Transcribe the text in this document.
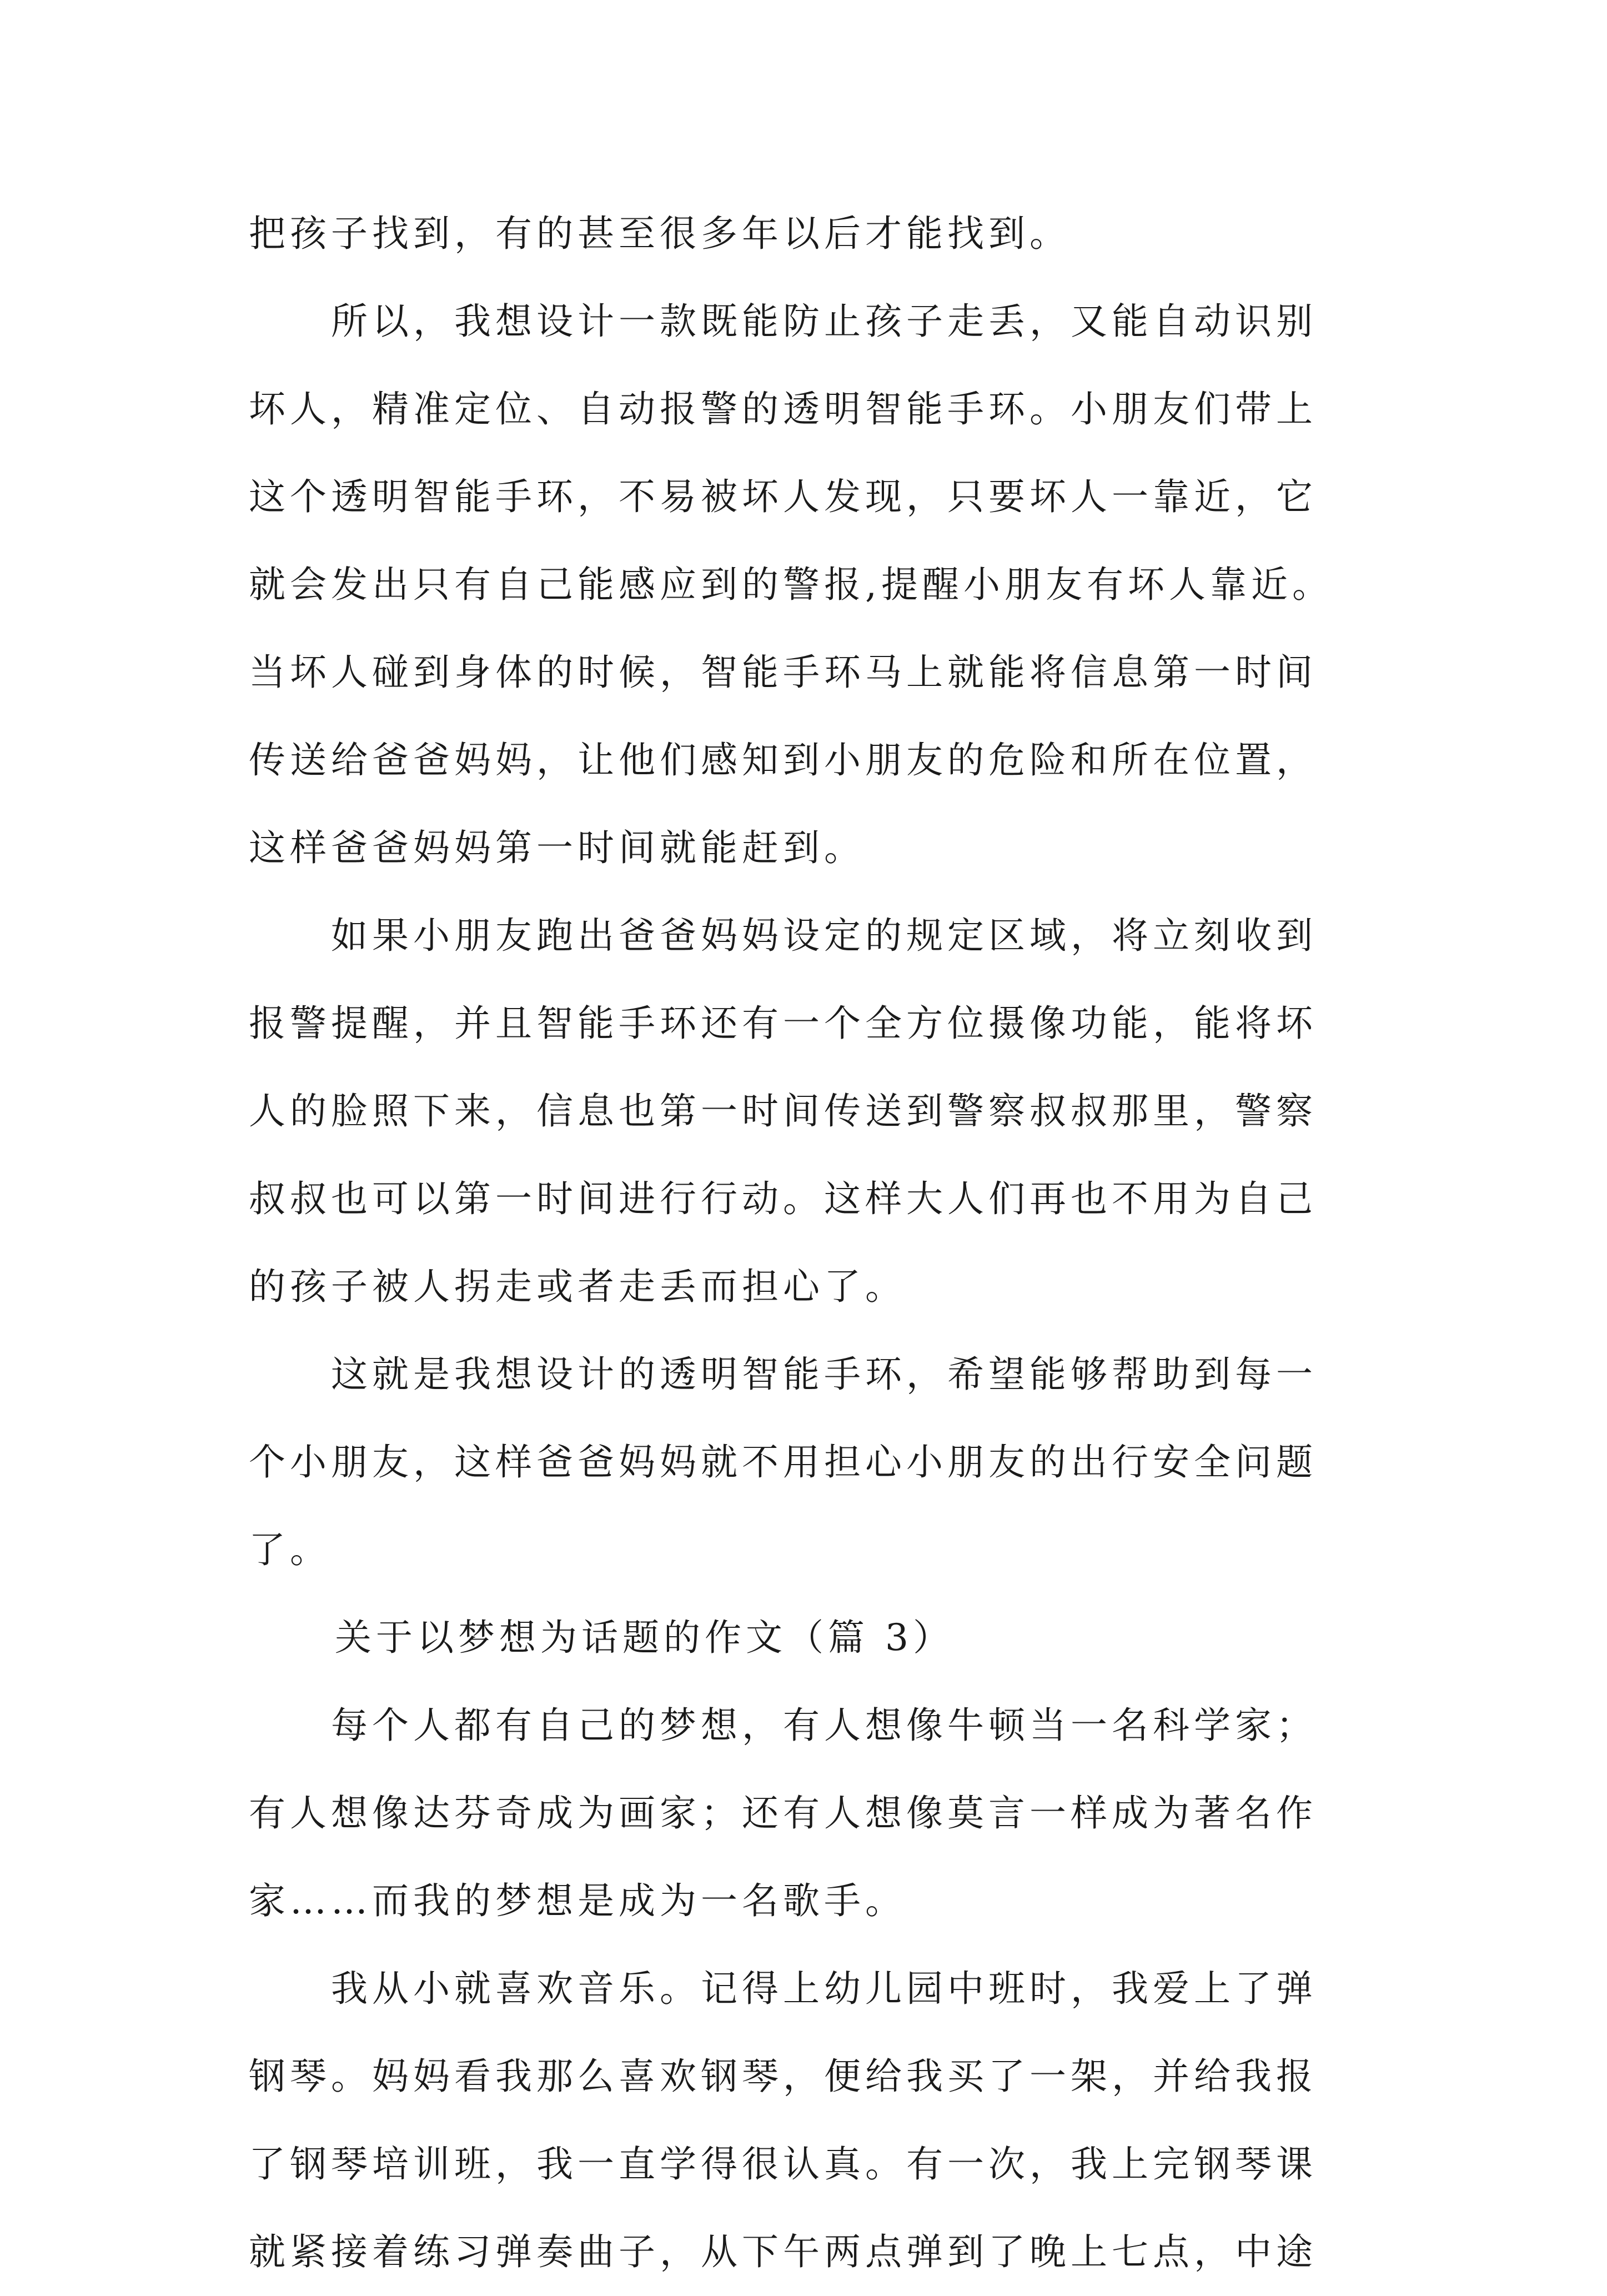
把孩子找到，有的甚至很多年以后才能找到。
所以，我想设计一款既能防止孩子走丢，又能自动识别
坏人，精准定位、自动报警的透明智能手环。小朋友们带上
这个透明智能手环，不易被坏人发现，只要坏人一靠近，它
就会发出只有自己能感应到的警报,提醒小朋友有坏人靠近。
当坏人碰到身体的时候，智能手环马上就能将信息第一时间
传送给爸爸妈妈，让他们感知到小朋友的危险和所在位置，
这样爸爸妈妈第一时间就能赶到。
如果小朋友跑出爸爸妈妈设定的规定区域，将立刻收到
报警提醒，并且智能手环还有一个全方位摄像功能，能将坏
人的脸照下来，信息也第一时间传送到警察叔叔那里，警察
叔叔也可以第一时间进行行动。这样大人们再也不用为自己
的孩子被人拐走或者走丢而担心了。
这就是我想设计的透明智能手环，希望能够帮助到每一
个小朋友，这样爸爸妈妈就不用担心小朋友的出行安全问题
了。
关于以梦想为话题的作文（篇 3）
每个人都有自己的梦想，有人想像牛顿当一名科学家；
有人想像达芬奇成为画家；还有人想像莫言一样成为著名作
家……而我的梦想是成为一名歌手。
我从小就喜欢音乐。记得上幼儿园中班时，我爱上了弹
钢琴。妈妈看我那么喜欢钢琴，便给我买了一架，并给我报
了钢琴培训班，我一直学得很认真。有一次，我上完钢琴课
就紧接着练习弹奏曲子，从下午两点弹到了晚上七点，中途
